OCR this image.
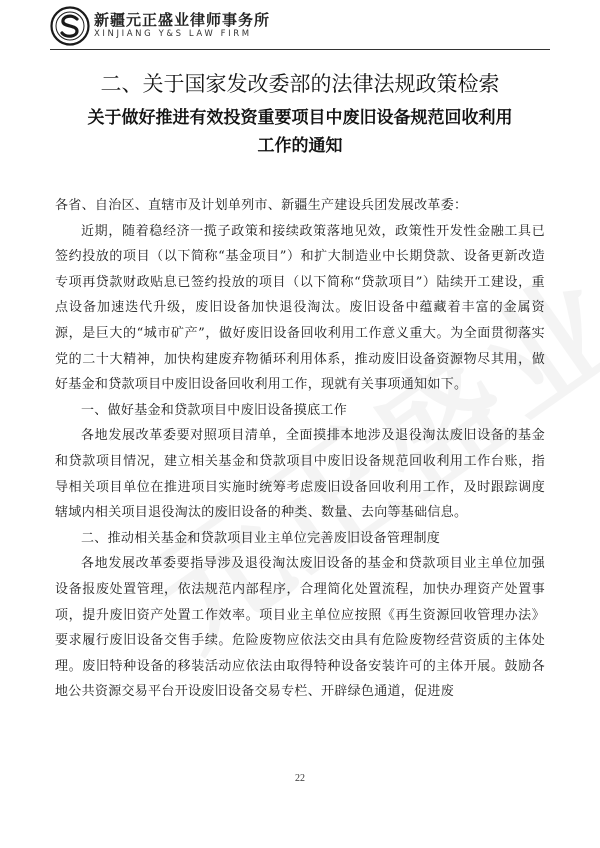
新疆元正盛业律师事务所
XINJIANG Y&S LAW FIRM
二、关于国家发改委部的法律法规政策检索
关于做好推进有效投资重要项目中废旧设备规范回收利用
工作的通知

各省、自治区、直辖市及计划单列市、新疆生产建设兵团发展改革委：

近期，随着稳经济一揽子政策和接续政策落地见效，政策性开发性金融工具已签约投放的项目（以下简称“基金项目”）和扩大制造业中长期贷款、设备更新改造专项再贷款财政贴息已签约投放的项目（以下简称“贷款项目”）陆续开工建设，重点设备加速迭代升级，废旧设备加快退役淘汰。废旧设备中蕴藏着丰富的金属资源，是巨大的“城市矿产”，做好废旧设备回收利用工作意义重大。为全面贯彻落实党的二十大精神，加快构建废弃物循环利用体系，推动废旧设备资源物尽其用，做好基金和贷款项目中废旧设备回收利用工作，现就有关事项通知如下。

一、做好基金和贷款项目中废旧设备摸底工作

各地发展改革委要对照项目清单，全面摸排本地涉及退役淘汰废旧设备的基金和贷款项目情况，建立相关基金和贷款项目中废旧设备规范回收利用工作台账，指导相关项目单位在推进项目实施时统筹考虑废旧设备回收利用工作，及时跟踪调度辖域内相关项目退役淘汰的废旧设备的种类、数量、去向等基础信息。

二、推动相关基金和贷款项目业主单位完善废旧设备管理制度

各地发展改革委要指导涉及退役淘汰废旧设备的基金和贷款项目业主单位加强设备报废处置管理，依法规范内部程序，合理简化处置流程，加快办理资产处置事项，提升废旧资产处置工作效率。项目业主单位应按照《再生资源回收管理办法》要求履行废旧设备交售手续。危险废物应依法交由具有危险废物经营资质的主体处理。废旧特种设备的移装活动应依法由取得特种设备安装许可的主体开展。鼓励各地公共资源交易平台开设废旧设备交易专栏、开辟绿色通道，促进废

22
